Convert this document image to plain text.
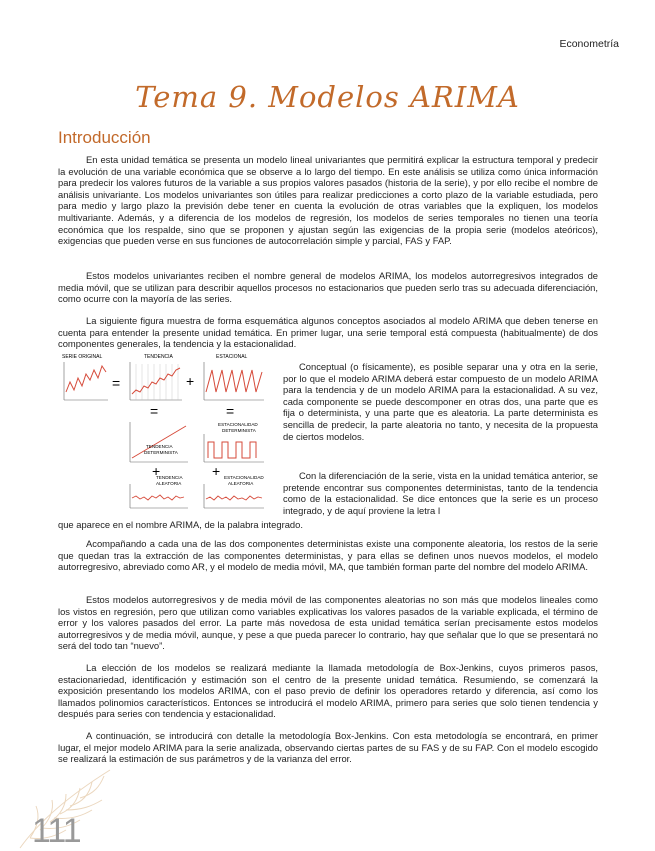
Econometría
Tema 9. Modelos ARIMA
Introducción

En esta unidad temática se presenta un modelo lineal univariantes que permitirá explicar la estructura temporal y predecir la evolución de una variable económica que se observe a lo largo del tiempo. En este análisis se utiliza como única información para predecir los valores futuros de la variable a sus propios valores pasados (historia de la serie), y por ello recibe el nombre de análisis univariante. Los modelos univariantes son útiles para realizar predicciones a corto plazo de la variable estudiada, pero para medio y largo plazo la previsión debe tener en cuenta la evolución de otras variables que la expliquen, los modelos multivariante. Además, y a diferencia de los modelos de regresión, los modelos de series temporales no tienen una teoría económica que los respalde, sino que se proponen y ajustan según las exigencias de la propia serie (modelos ateóricos), exigencias que pueden verse en sus funciones de autocorrelación simple y parcial, FAS y FAP.

Estos modelos univariantes reciben el nombre general de modelos ARIMA, los modelos autorregresivos integrados de media móvil, que se utilizan para describir aquellos procesos no estacionarios que pueden serlo tras su adecuada diferenciación, como ocurre con la mayoría de las series.

La siguiente figura muestra de forma esquemática algunos conceptos asociados al modelo ARIMA que deben tenerse en cuenta para entender la presente unidad temática. En primer lugar, una serie temporal está compuesta (habitualmente) de dos componentes generales, la tendencia y la estacionalidad.

SERIE ORIGINAL	TENDENCIA	ESTACIONAL
=	+
=	=
TENDENCIA
DETERMINISTA
ESTACIONALIDAD
DETERMINISTA
+	+
TENDENCIA
ALEATORIA
ESTACIONALIDAD
ALEATORIA

Conceptual (o físicamente), es posible separar una y otra en la serie, por lo que el modelo ARIMA deberá estar compuesto de un modelo ARIMA para la tendencia y de un modelo ARIMA para la estacionalidad. A su vez, cada componente se puede descomponer en otras dos, una parte que es fija o determinista, y una parte que es aleatoria. La parte determinista es sencilla de predecir, la parte aleatoria no tanto, y necesita de la propuesta de ciertos modelos.

Con la diferenciación de la serie, vista en la unidad temática anterior, se pretende encontrar sus componentes deterministas, tanto de la tendencia como de la estacionalidad. Se dice entonces que la serie es un proceso integrado, y de aquí proviene la letra I

que aparece en el nombre ARIMA, de la palabra integrado.

Acompañando a cada una de las dos componentes deterministas existe una componente aleatoria, los restos de la serie que quedan tras la extracción de las componentes deterministas, y para ellas se definen unos nuevos modelos, el modelo autorregresivo, abreviado como AR, y el modelo de media móvil, MA, que también forman parte del nombre del modelo ARIMA.

Estos modelos autorregresivos y de media móvil de las componentes aleatorias no son más que modelos lineales como los vistos en regresión, pero que utilizan como variables explicativas los valores pasados de la variable explicada, el término de error y los valores pasados del error. La parte más novedosa de esta unidad temática serían precisamente estos modelos autorregresivos y de media móvil, aunque, y pese a que pueda parecer lo contrario, hay que señalar que lo que se presentará no será del todo tan “nuevo”.

La elección de los modelos se realizará mediante la llamada metodología de Box-Jenkins, cuyos primeros pasos, estacionariedad, identificación y estimación son el centro de la presente unidad temática. Resumiendo, se comenzará la exposición presentando los modelos ARIMA, con el paso previo de definir los operadores retardo y diferencia, así como los llamados polinomios característicos. Entonces se introducirá el modelo ARIMA, primero para series que solo tienen tendencia y después para series con tendencia y estacionalidad.

A continuación, se introducirá con detalle la metodología Box-Jenkins. Con esta metodología se encontrará, en primer lugar, el mejor modelo ARIMA para la serie analizada, observando ciertas partes de su FAS y de su FAP. Con el modelo escogido se realizará la estimación de sus parámetros y de la varianza del error.

111
